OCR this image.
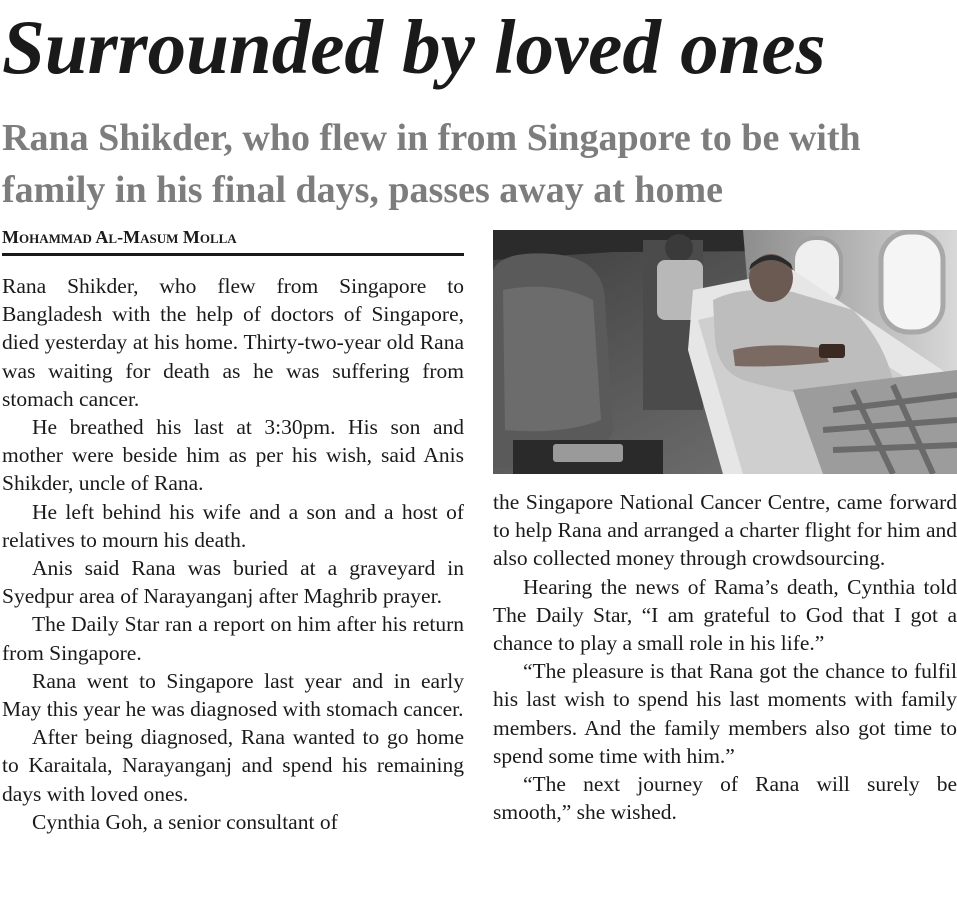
Surrounded by loved ones
Rana Shikder, who flew in from Singapore to be with family in his final days, passes away at home
Mohammad Al-Masum Molla

Rana Shikder, who flew from Singapore to Bangladesh with the help of doctors of Singapore, died yesterday at his home. Thirty-two-year old Rana was waiting for death as he was suffering from stomach cancer.

He breathed his last at 3:30pm. His son and mother were beside him as per his wish, said Anis Shikder, uncle of Rana.

He left behind his wife and a son and a host of relatives to mourn his death.

Anis said Rana was buried at a graveyard in Syedpur area of Narayanganj after Maghrib prayer.

The Daily Star ran a report on him after his return from Singapore.

Rana went to Singapore last year and in early May this year he was diagnosed with stomach cancer.

After being diagnosed, Rana wanted to go home to Karaitala, Narayanganj and spend his remaining days with loved ones.

Cynthia Goh, a senior consultant of

the Singapore National Cancer Centre, came forward to help Rana and arranged a charter flight for him and also collected money through crowdsourcing.

Hearing the news of Rama’s death, Cynthia told The Daily Star, “I am grateful to God that I got a chance to play a small role in his life.”

“The pleasure is that Rana got the chance to fulfil his last wish to spend his last moments with family members. And the family members also got time to spend some time with him.”

“The next journey of Rana will surely be smooth,” she wished.
